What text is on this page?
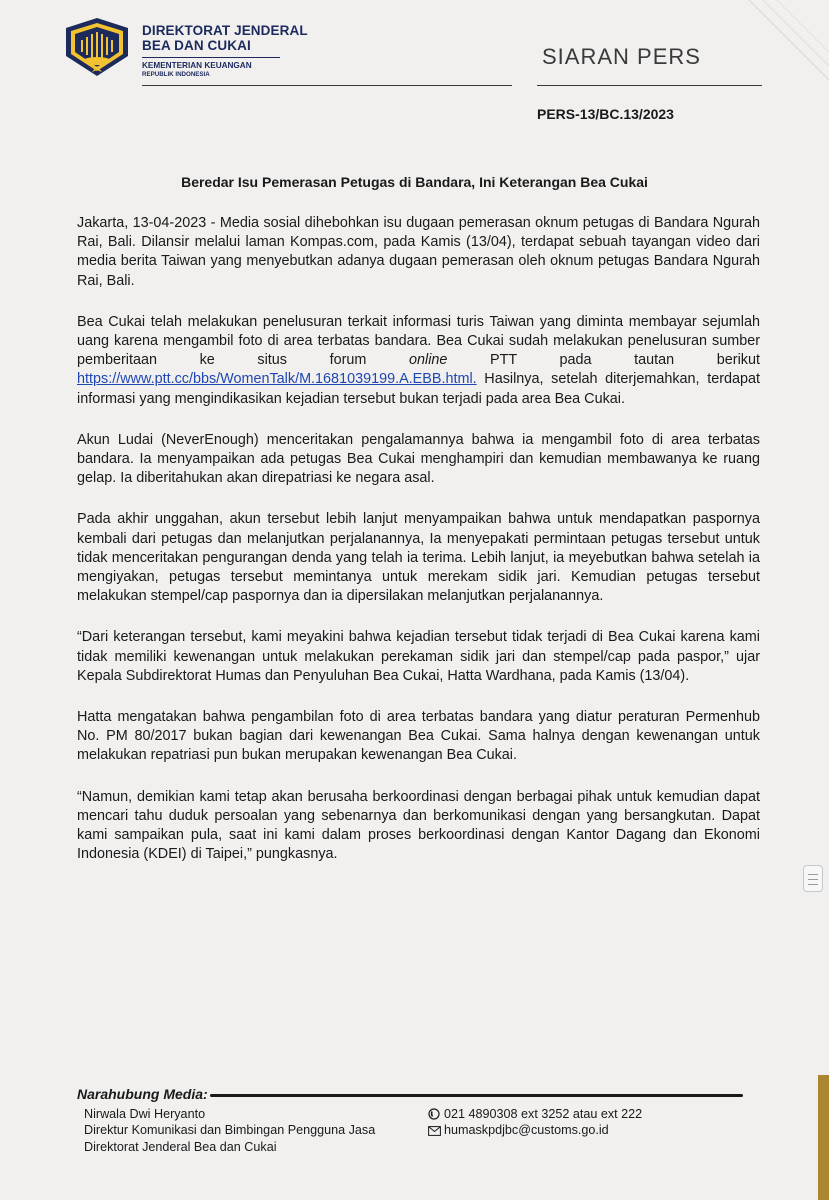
DIREKTORAT JENDERAL
BEA DAN CUKAI
KEMENTERIAN KEUANGAN
REPUBLIK INDONESIA
SIARAN PERS
PERS-13/BC.13/2023
Beredar Isu Pemerasan Petugas di Bandara, Ini Keterangan Bea Cukai

Jakarta, 13-04-2023 - Media sosial dihebohkan isu dugaan pemerasan oknum petugas di Bandara Ngurah Rai, Bali. Dilansir melalui laman Kompas.com, pada Kamis (13/04), terdapat sebuah tayangan video dari media berita Taiwan yang menyebutkan adanya dugaan pemerasan oleh oknum petugas Bandara Ngurah Rai, Bali.

Bea Cukai telah melakukan penelusuran terkait informasi turis Taiwan yang diminta membayar sejumlah uang karena mengambil foto di area terbatas bandara. Bea Cukai sudah melakukan penelusuran sumber pemberitaan ke situs forum online PTT pada tautan berikut https://www.ptt.cc/bbs/WomenTalk/M.1681039199.A.EBB.html. Hasilnya, setelah diterjemahkan, terdapat informasi yang mengindikasikan kejadian tersebut bukan terjadi pada area Bea Cukai.

Akun Ludai (NeverEnough) menceritakan pengalamannya bahwa ia mengambil foto di area terbatas bandara. Ia menyampaikan ada petugas Bea Cukai menghampiri dan kemudian membawanya ke ruang gelap. Ia diberitahukan akan direpatriasi ke negara asal.

Pada akhir unggahan, akun tersebut lebih lanjut menyampaikan bahwa untuk mendapatkan paspornya kembali dari petugas dan melanjutkan perjalanannya, Ia menyepakati permintaan petugas tersebut untuk tidak menceritakan pengurangan denda yang telah ia terima. Lebih lanjut, ia meyebutkan bahwa setelah ia mengiyakan, petugas tersebut memintanya untuk merekam sidik jari. Kemudian petugas tersebut melakukan stempel/cap paspornya dan ia dipersilakan melanjutkan perjalanannya.

“Dari keterangan tersebut, kami meyakini bahwa kejadian tersebut tidak terjadi di Bea Cukai karena kami tidak memiliki kewenangan untuk melakukan perekaman sidik jari dan stempel/cap pada paspor,” ujar Kepala Subdirektorat Humas dan Penyuluhan Bea Cukai, Hatta Wardhana, pada Kamis (13/04).

Hatta mengatakan bahwa pengambilan foto di area terbatas bandara yang diatur peraturan Permenhub No. PM 80/2017 bukan bagian dari kewenangan Bea Cukai. Sama halnya dengan kewenangan untuk melakukan repatriasi pun bukan merupakan kewenangan Bea Cukai.

“Namun, demikian kami tetap akan berusaha berkoordinasi dengan berbagai pihak untuk kemudian dapat mencari tahu duduk persoalan yang sebenarnya dan berkomunikasi dengan yang bersangkutan. Dapat kami sampaikan pula, saat ini kami dalam proses berkoordinasi dengan Kantor Dagang dan Ekonomi Indonesia (KDEI) di Taipei,” pungkasnya.

Narahubung Media:
Nirwala Dwi Heryanto
Direktur Komunikasi dan Bimbingan Pengguna Jasa
Direktorat Jenderal Bea dan Cukai
021 4890308 ext 3252 atau ext 222
humaskpdjbc@customs.go.id
